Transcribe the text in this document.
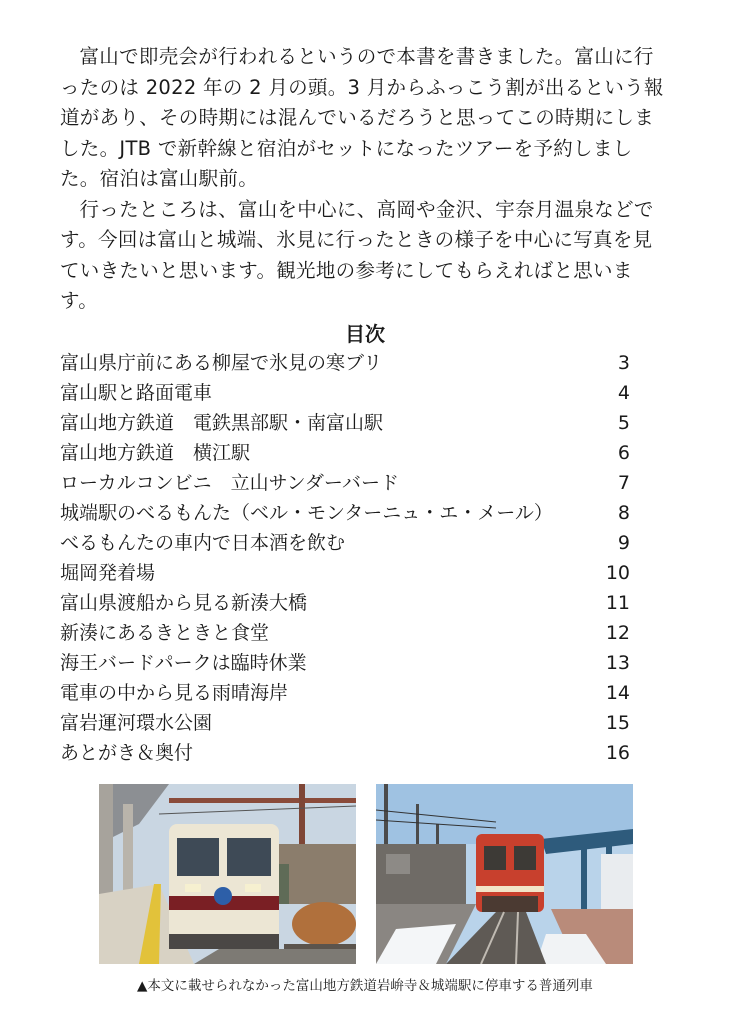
富山で即売会が行われるというので本書を書きました。富山に行ったのは 2022 年の 2 月の頭。3 月からふっこう割が出るという報道があり、その時期には混んでいるだろうと思ってこの時期にしました。JTB で新幹線と宿泊がセットになったツアーを予約しました。宿泊は富山駅前。

行ったところは、富山を中心に、高岡や金沢、宇奈月温泉などです。今回は富山と城端、氷見に行ったときの様子を中心に写真を見ていきたいと思います。観光地の参考にしてもらえればと思います。

目次
富山県庁前にある柳屋で氷見の寒ブリ	3
富山駅と路面電車	4
富山地方鉄道　電鉄黒部駅・南富山駅	5
富山地方鉄道　横江駅	6
ローカルコンビニ　立山サンダーバード	7
城端駅のべるもんた（ベル・モンターニュ・エ・メール）	8
べるもんたの車内で日本酒を飲む	9
堀岡発着場	10
富山県渡船から見る新湊大橋	11
新湊にあるきときと食堂	12
海王バードパークは臨時休業	13
電車の中から見る雨晴海岸	14
富岩運河環水公園	15
あとがき＆奥付	16
▲本文に載せられなかった富山地方鉄道岩峅寺＆城端駅に停車する普通列車
